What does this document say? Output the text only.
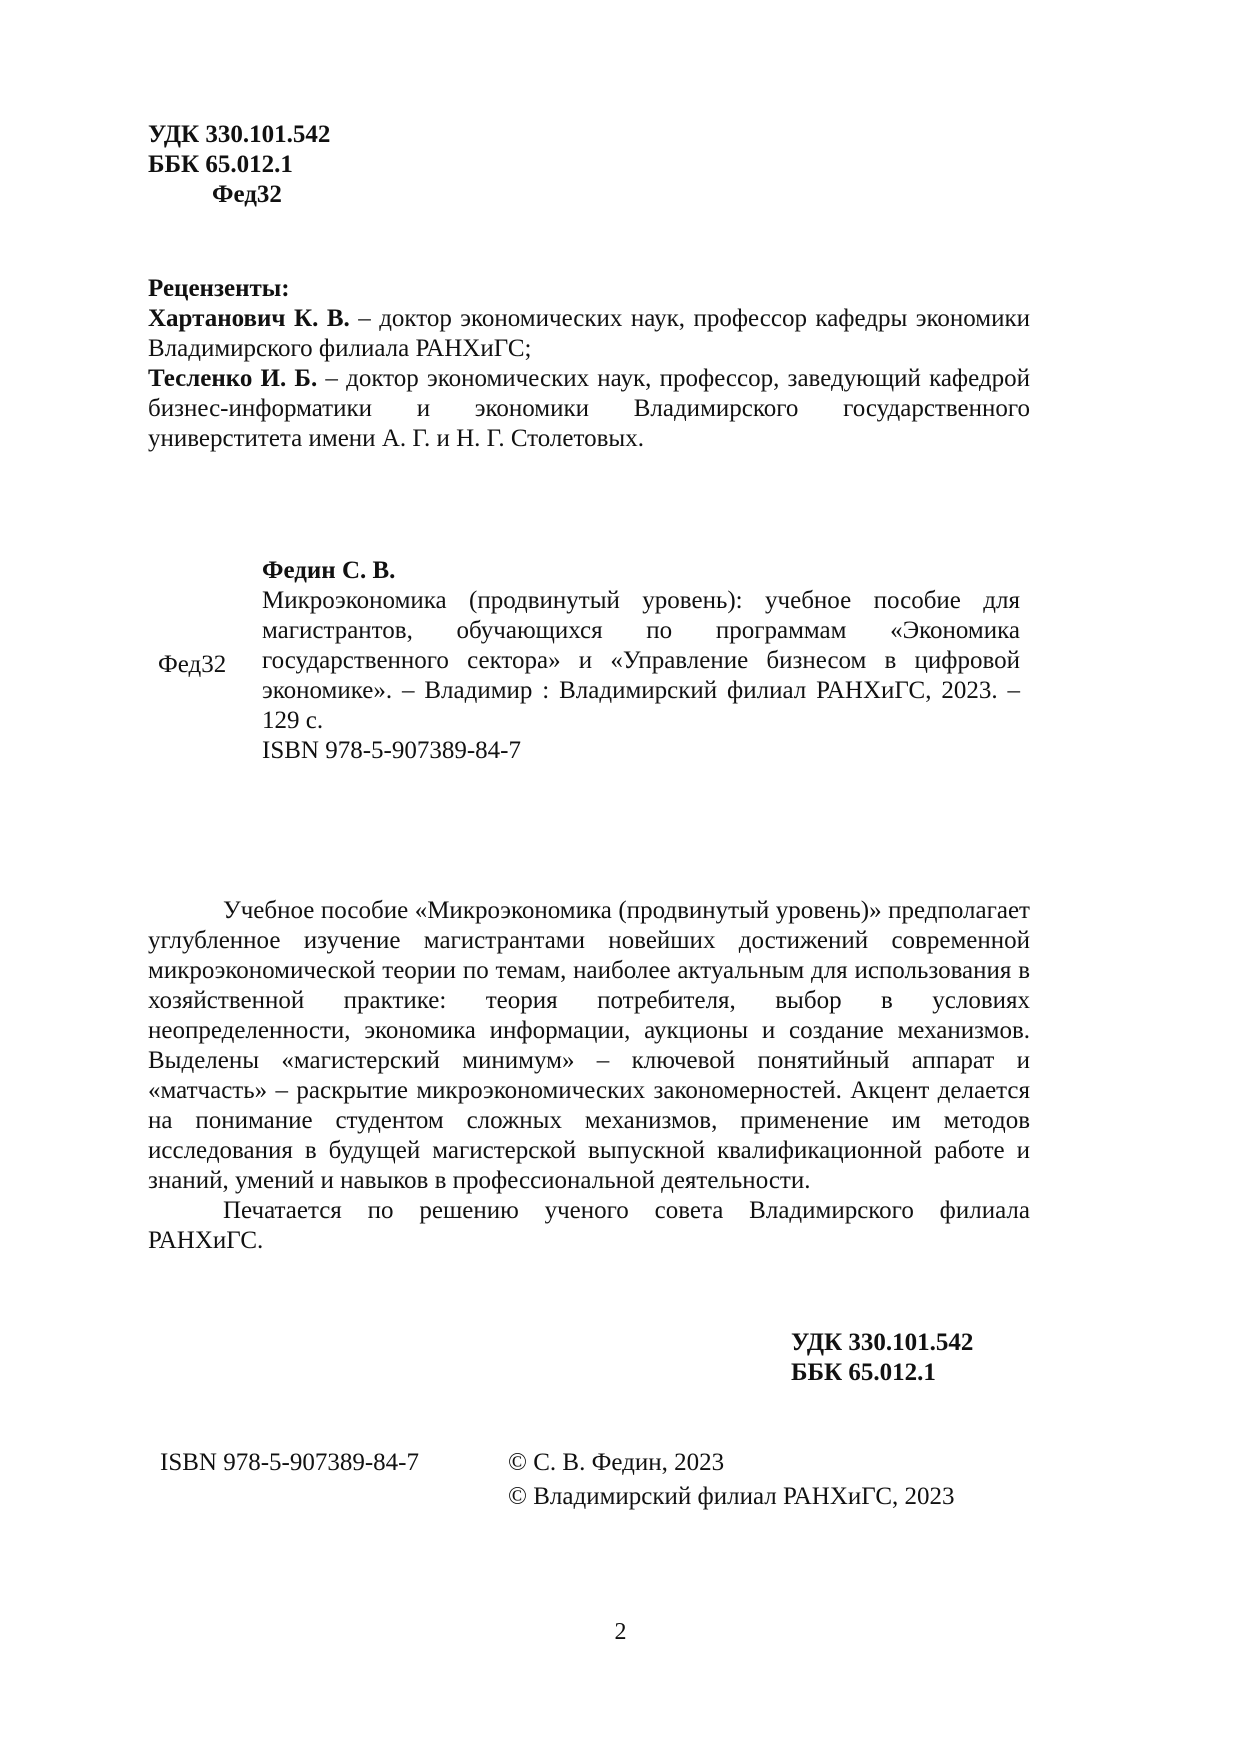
УДК 330.101.542
ББК 65.012.1
Фед32
Рецензенты:
Хартанович К. В. – доктор экономических наук, профессор кафедры экономики Владимирского филиала РАНХиГС;
Тесленко И. Б. – доктор экономических наук, профессор, заведующий кафедрой бизнес-информатики и экономики Владимирского государственного универститета имени А. Г. и Н. Г. Столетовых.
Фед32
Федин С. В.
Микроэкономика (продвинутый уровень): учебное пособие для магистрантов, обучающихся по программам «Экономика государственного сектора» и «Управление бизнесом в цифровой экономике». – Владимир : Владимирский филиал РАНХиГС, 2023. – 129 с.
ISBN 978-5-907389-84-7
Учебное пособие «Микроэкономика (продвинутый уровень)» предполагает углубленное изучение магистрантами новейших достижений современной микроэкономической теории по темам, наиболее актуальным для использования в хозяйственной практике: теория потребителя, выбор в условиях неопределенности, экономика информации, аукционы и создание механизмов. Выделены «магистерский минимум» – ключевой понятийный аппарат и «матчасть» – раскрытие микроэкономических закономерностей. Акцент делается на понимание студентом сложных механизмов, применение им методов исследования в будущей магистерской выпускной квалификационной работе и знаний, умений и навыков в профессиональной деятельности.
Печатается по решению ученого совета Владимирского филиала РАНХиГС.
УДК 330.101.542
ББК 65.012.1
ISBN 978-5-907389-84-7	© С. В. Федин, 2023
© Владимирский филиал РАНХиГС, 2023
2
